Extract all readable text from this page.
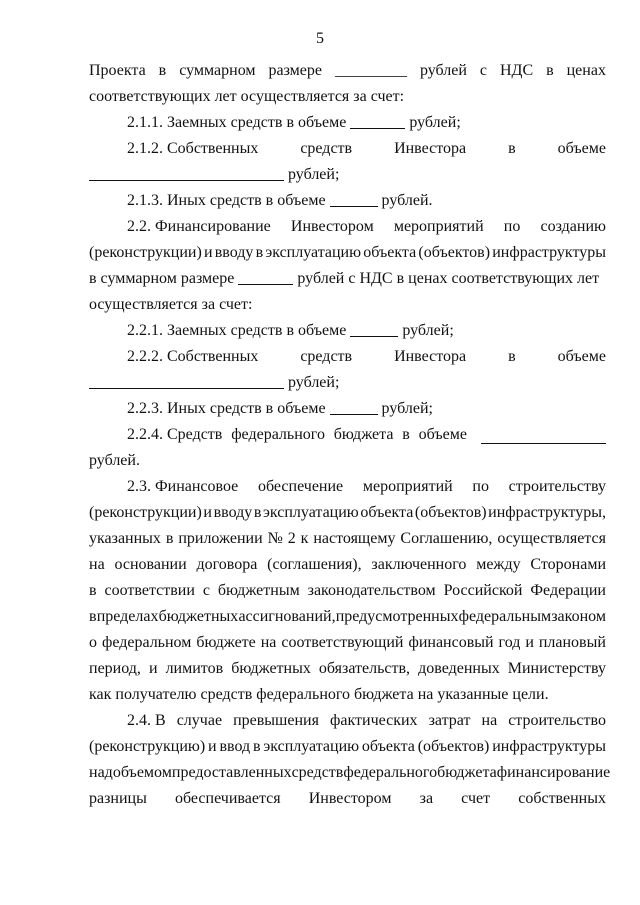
5
Проекта в суммарном размере _________ рублей с НДС в ценах
соответствующих лет осуществляется за счет:
2.1.1. Заемных средств в объеме	рублей;
2.1.2. Собственных	средств	Инвестора	в	объеме
рублей;
2.1.3. Иных средств в объеме	рублей.
2.2. Финансирование Инвестором мероприятий по созданию
(реконструкции) и вводу в эксплуатацию объекта (объектов) инфраструктуры
в суммарном размере	рублей с НДС в ценах соответствующих лет
осуществляется за счет:
2.2.1. Заемных средств в объеме	рублей;
2.2.2. Собственных	средств	Инвестора	в	объеме
рублей;
2.2.3. Иных средств в объеме	рублей;
2.2.4. Средств федерального бюджета в объеме
рублей.
2.3. Финансовое обеспечение мероприятий по строительству
(реконструкции) и вводу в эксплуатацию объекта (объектов) инфраструктуры,
указанных в приложении № 2 к настоящему Соглашению, осуществляется
на основании договора (соглашения), заключенного между Сторонами
в соответствии с бюджетным законодательством Российской Федерации
в пределах бюджетных ассигнований, предусмотренных федеральным законом
о федеральном бюджете на соответствующий финансовый год и плановый
период, и лимитов бюджетных обязательств, доведенных Министерству
как получателю средств федерального бюджета на указанные цели.
2.4. В случае превышения фактических затрат на строительство
(реконструкцию) и ввод в эксплуатацию объекта (объектов) инфраструктуры
над объемом предоставленных средств федерального бюджета финансирование
разницы обеспечивается Инвестором за счет собственных
